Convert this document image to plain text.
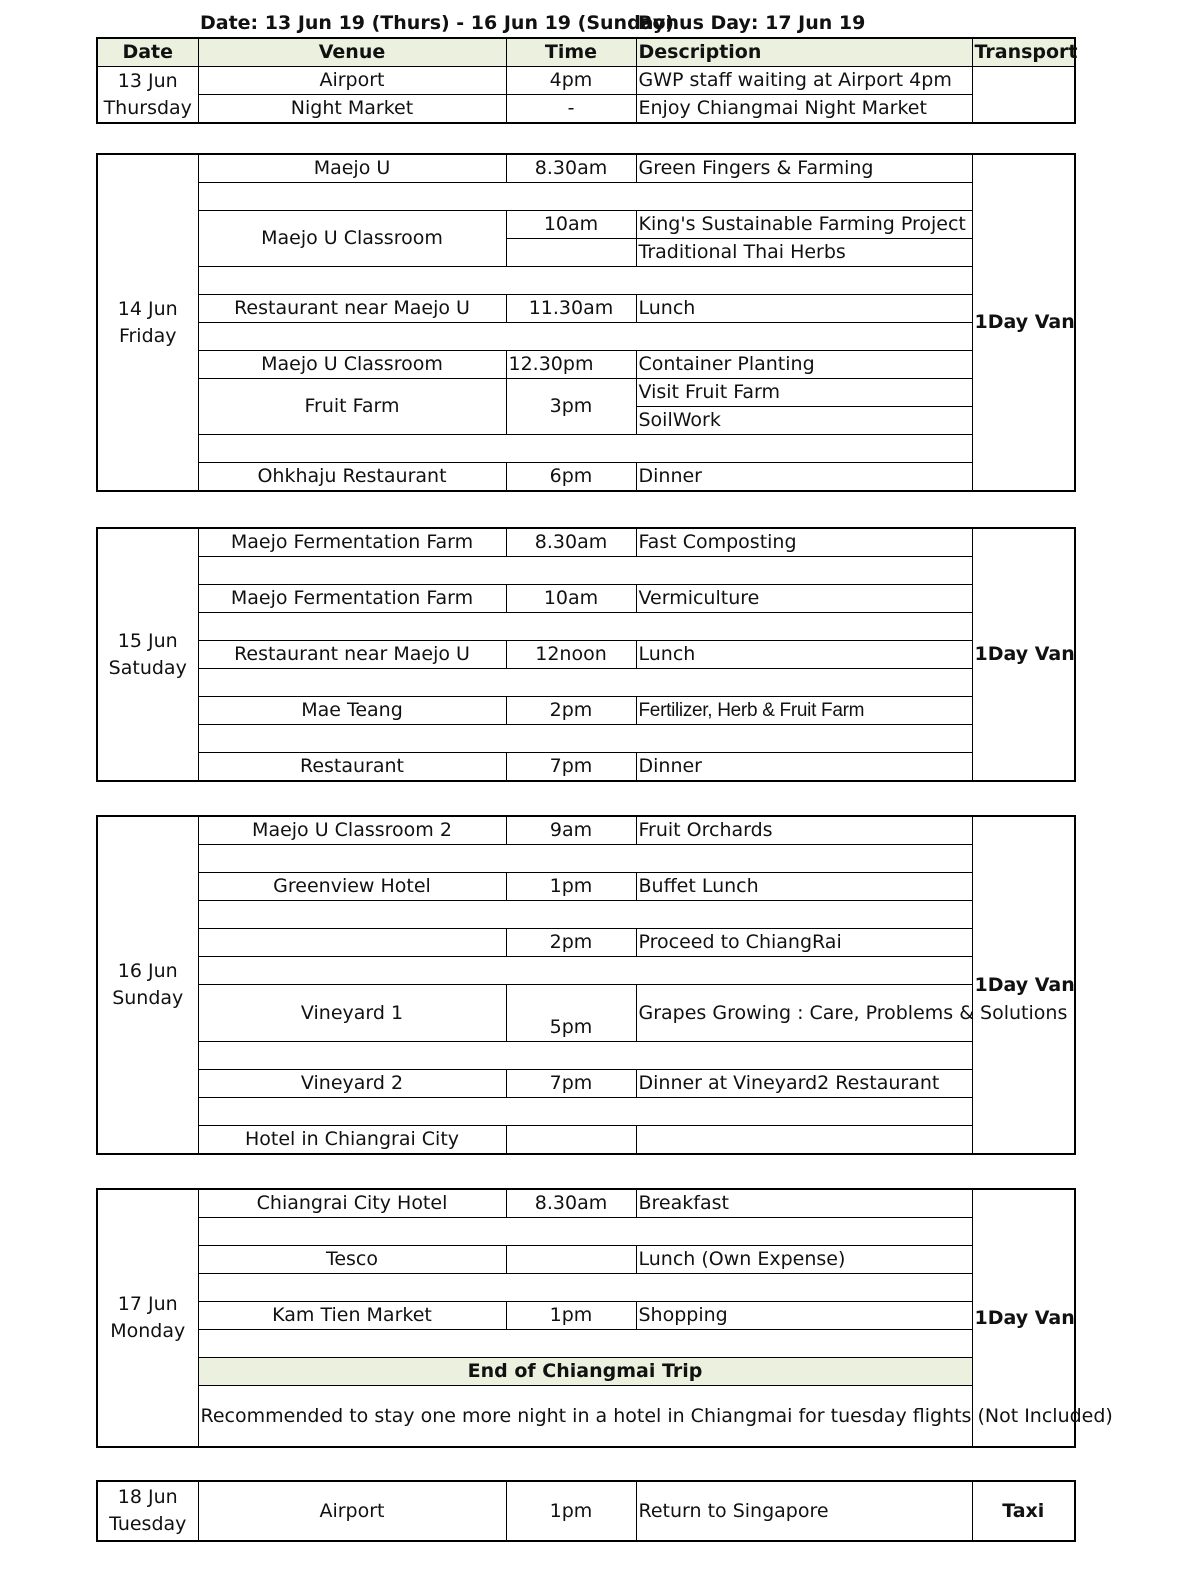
Date: 13 Jun 19 (Thurs) - 16 Jun 19 (Sunday)
Bonus Day: 17 Jun 19
Date	Venue	Time	Description	Transport
13 Jun
Thursday	Airport	4pm	GWP staff waiting at Airport 4pm	
	Night Market	-	Enjoy Chiangmai Night Market	
14 Jun
Friday	Maejo U	8.30am	Green Fingers & Farming	1Day Van

	Maejo U Classroom	10am	King's Sustainable Farming Project	
			Traditional Thai Herbs	

	Restaurant near Maejo U	11.30am	Lunch	

	Maejo U Classroom	12.30pm	Container Planting	
	Fruit Farm	3pm	Visit Fruit Farm	
			SoilWork	

	Ohkhaju Restaurant	6pm	Dinner	
15 Jun
Satuday	Maejo Fermentation Farm	8.30am	Fast Composting	1Day Van

	Maejo Fermentation Farm	10am	Vermiculture	

	Restaurant near Maejo U	12noon	Lunch	

	Mae Teang	2pm	Fertilizer, Herb & Fruit Farm	

	Restaurant	7pm	Dinner	
16 Jun
Sunday	Maejo U Classroom 2	9am	Fruit Orchards	1Day Van

	Greenview Hotel	1pm	Buffet Lunch	

		2pm	Proceed to ChiangRai	

	Vineyard 1	5pm	Grapes Growing : Care, Problems & Solutions	

	Vineyard 2	7pm	Dinner at Vineyard2 Restaurant	

	Hotel in Chiangrai City			
17 Jun
Monday	Chiangrai City Hotel	8.30am	Breakfast	1Day Van

	Tesco		Lunch (Own Expense)	

	Kam Tien Market	1pm	Shopping	

	End of Chiangmai Trip			
	Recommended to stay one more night in a hotel in Chiangmai for tuesday flights (Not Included)			
18 Jun
Tuesday	Airport	1pm	Return to Singapore	Taxi
